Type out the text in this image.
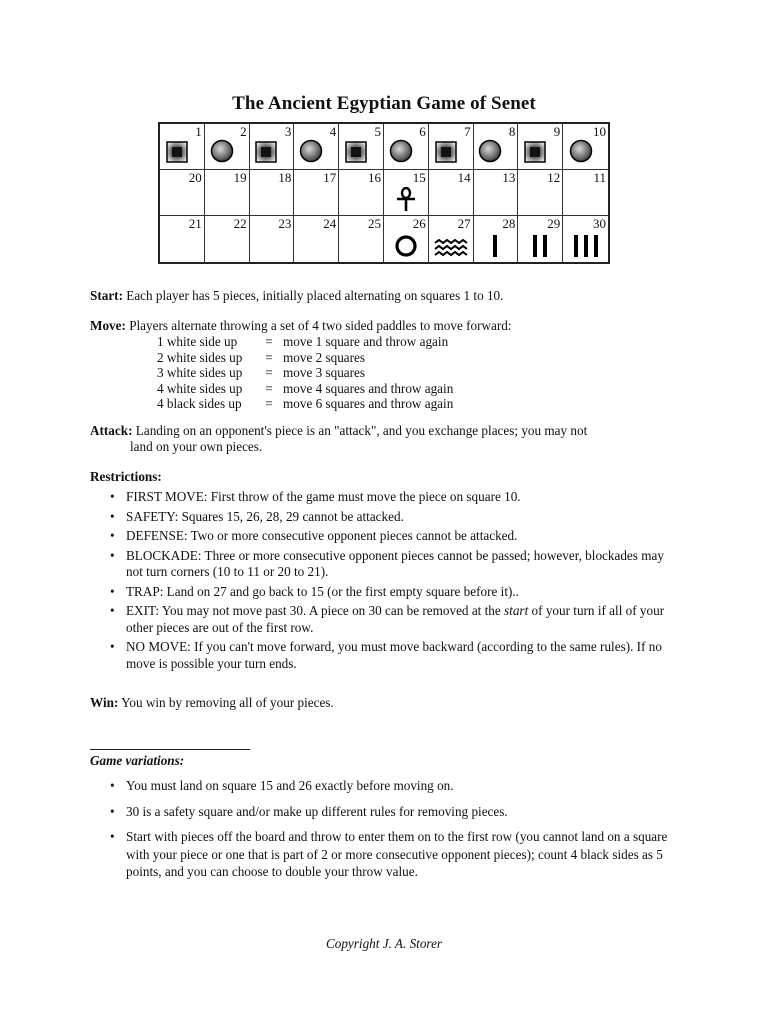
The Ancient Egyptian Game of Senet
1	2	3	4	5	6	7	8	9	10
20 19 18 17 16 15 14 13 12	11
21 22 23 24 25 26 27 28 29	30
Start: Each player has 5 pieces, initially placed alternating on squares 1 to 10.
Move: Players alternate throwing a set of 4 two sided paddles to move forward:
1 white side up	= move 1 square and throw again
2 white sides up	= move 2 squares
3 white sides up	= move 3 squares
4 white sides up	= move 4 squares and throw again
4 black sides up	= move 6 squares and throw again
Attack: Landing on an opponent's piece is an "attack", and you exchange places; you may not
land on your own pieces.
Restrictions:
• FIRST MOVE: First throw of the game must move the piece on square 10.
• SAFETY: Squares 15, 26, 28, 29 cannot be attacked.
• DEFENSE: Two or more consecutive opponent pieces cannot be attacked.
• BLOCKADE: Three or more consecutive opponent pieces cannot be passed; however, blockades may not turn corners (10 to 11 or 20 to 21).
• TRAP: Land on 27 and go back to 15 (or the first empty square before it)..
• EXIT: You may not move past 30. A piece on 30 can be removed at the start of your turn if all of your other pieces are out of the first row.
• NO MOVE: If you can't move forward, you must move backward (according to the same rules). If no move is possible your turn ends.
Win: You win by removing all of your pieces.
Game variations:
• You must land on square 15 and 26 exactly before moving on.
• 30 is a safety square and/or make up different rules for removing pieces.
• Start with pieces off the board and throw to enter them on to the first row (you cannot land on a square with your piece or one that is part of 2 or more consecutive opponent pieces); count 4 black sides as 5 points, and you can choose to double your throw value.
Copyright J. A. Storer
